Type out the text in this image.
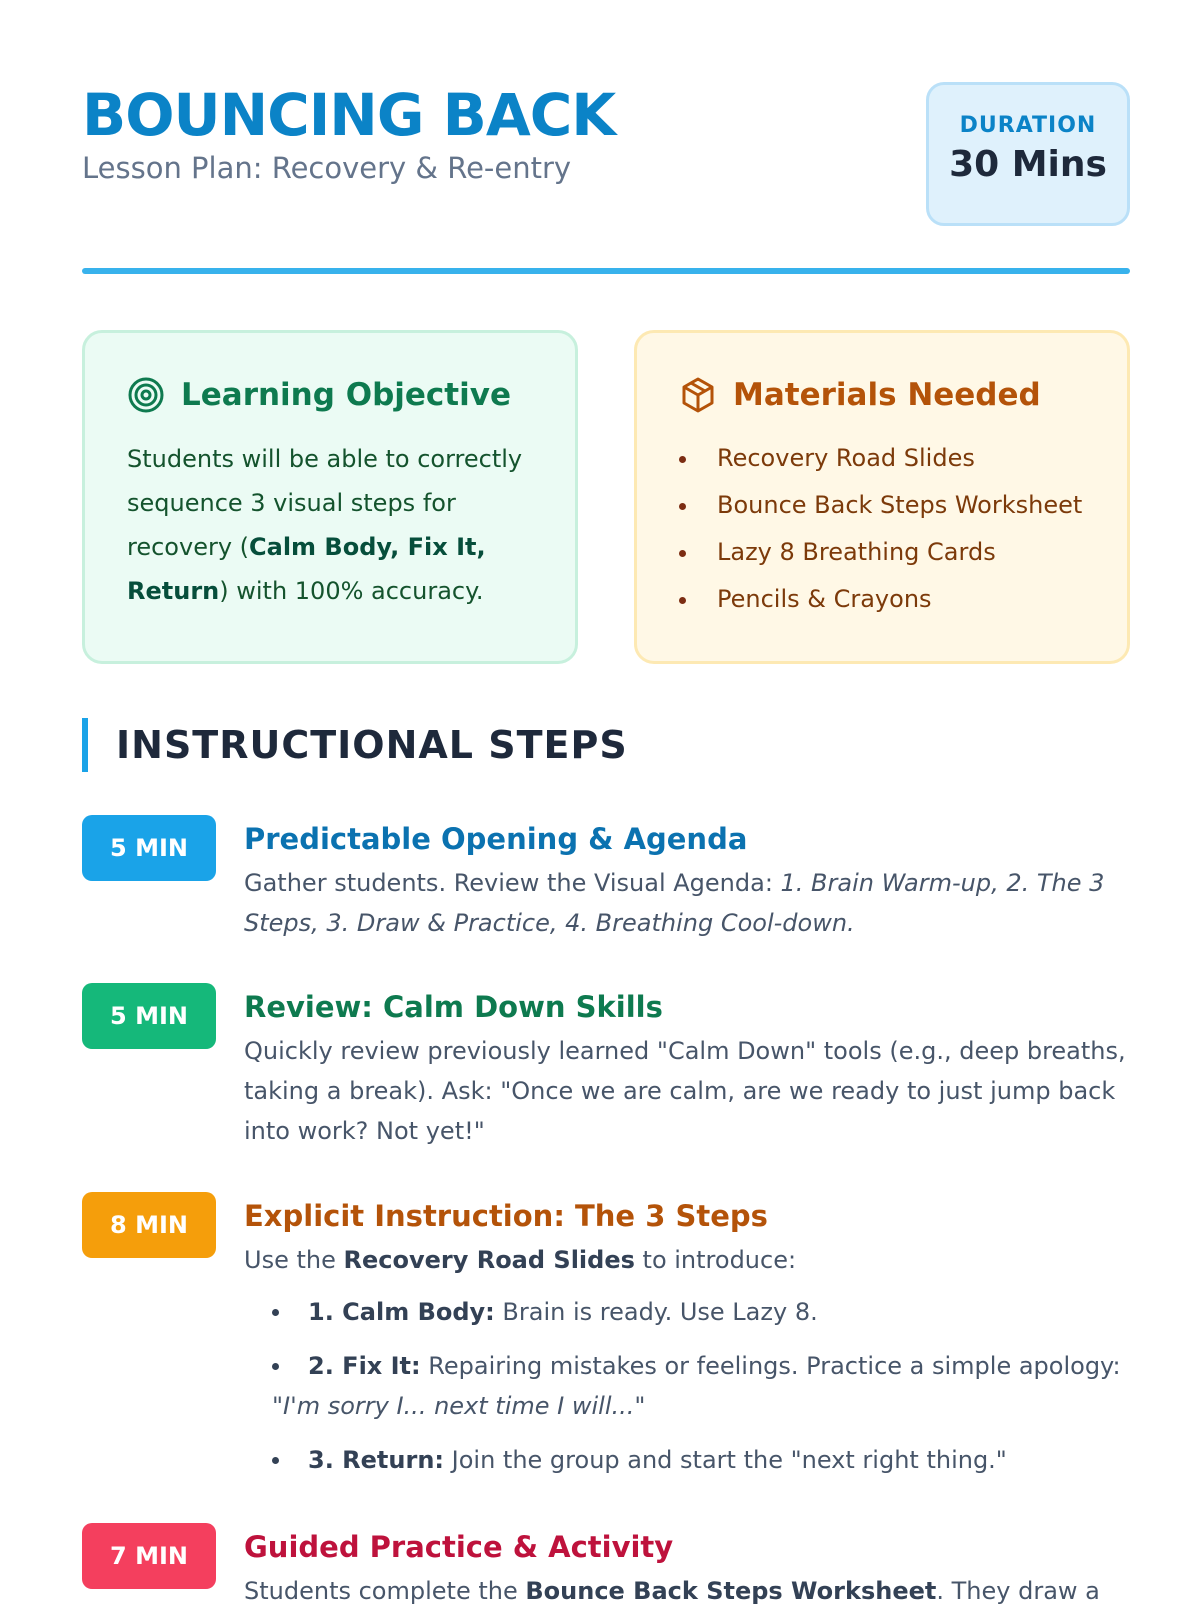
BOUNCING BACK
Lesson Plan: Recovery & Re-entry
DURATION
30 Mins
Learning Objective
Students will be able to correctly sequence 3 visual steps for recovery (Calm Body, Fix It, Return) with 100% accuracy.
Materials Needed
Recovery Road Slides
Bounce Back Steps Worksheet
Lazy 8 Breathing Cards
Pencils & Crayons
INSTRUCTIONAL STEPS
5 MIN	Predictable Opening & Agenda
Gather students. Review the Visual Agenda: 1. Brain Warm-up, 2. The 3 Steps, 3. Draw & Practice, 4. Breathing Cool-down.
5 MIN	Review: Calm Down Skills
Quickly review previously learned "Calm Down" tools (e.g., deep breaths, taking a break). Ask: "Once we are calm, are we ready to just jump back into work? Not yet!"
8 MIN	Explicit Instruction: The 3 Steps
Use the Recovery Road Slides to introduce:
1. Calm Body: Brain is ready. Use Lazy 8.
2. Fix It: Repairing mistakes or feelings. Practice a simple apology: "I'm sorry I... next time I will..."
3. Return: Join the group and start the "next right thing."
7 MIN	Guided Practice & Activity
Students complete the Bounce Back Steps Worksheet. They draw a
